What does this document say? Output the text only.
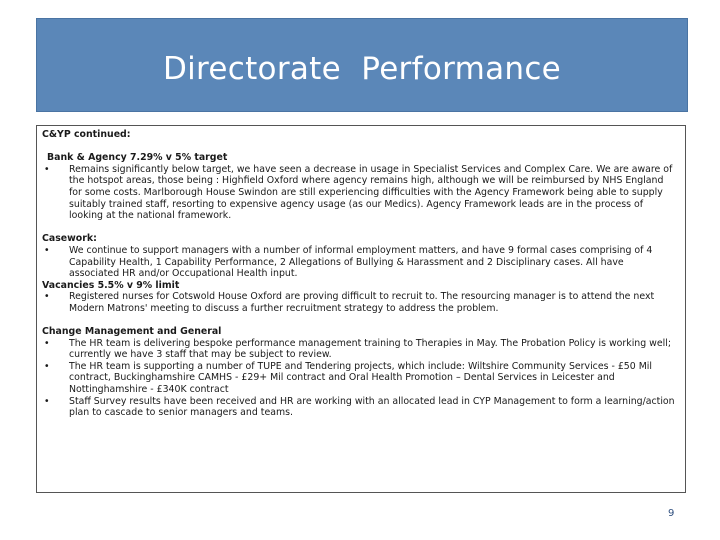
Directorate  Performance

C&YP continued:

Bank & Agency 7.29% v 5% target

•	Remains significantly below target, we have seen a decrease in usage in Specialist Services and Complex Care. We are aware of the hotspot areas, those being : Highfield Oxford where agency remains high, although we will be reimbursed by NHS England for some costs. Marlborough House Swindon are still experiencing difficulties with the Agency Framework being able to supply suitably trained staff, resorting to expensive agency usage (as our Medics). Agency Framework leads are in the process of looking at the national framework.

Casework:

•	We continue to support managers with a number of informal employment matters, and have 9 formal cases comprising of 4 Capability Health, 1 Capability Performance, 2 Allegations of Bullying & Harassment and 2 Disciplinary cases. All have associated HR and/or Occupational Health input.

Vacancies 5.5% v 9% limit

•	Registered nurses for Cotswold House Oxford are proving difficult to recruit to. The resourcing manager is to attend the next Modern Matrons' meeting to discuss a further recruitment strategy to address the problem.

Change Management and General

•	The HR team is delivering bespoke performance management training to Therapies in May. The Probation Policy is working well; currently we have 3 staff that may be subject to review.
•	The HR team is supporting a number of TUPE and Tendering projects, which include: Wiltshire Community Services - £50 Mil contract, Buckinghamshire CAMHS - £29+ Mil contract and Oral Health Promotion – Dental Services in Leicester and Nottinghamshire - £340K contract
•	Staff Survey results have been received and HR are working with an allocated lead in CYP Management to form a learning/action plan to cascade to senior managers and teams.
9
